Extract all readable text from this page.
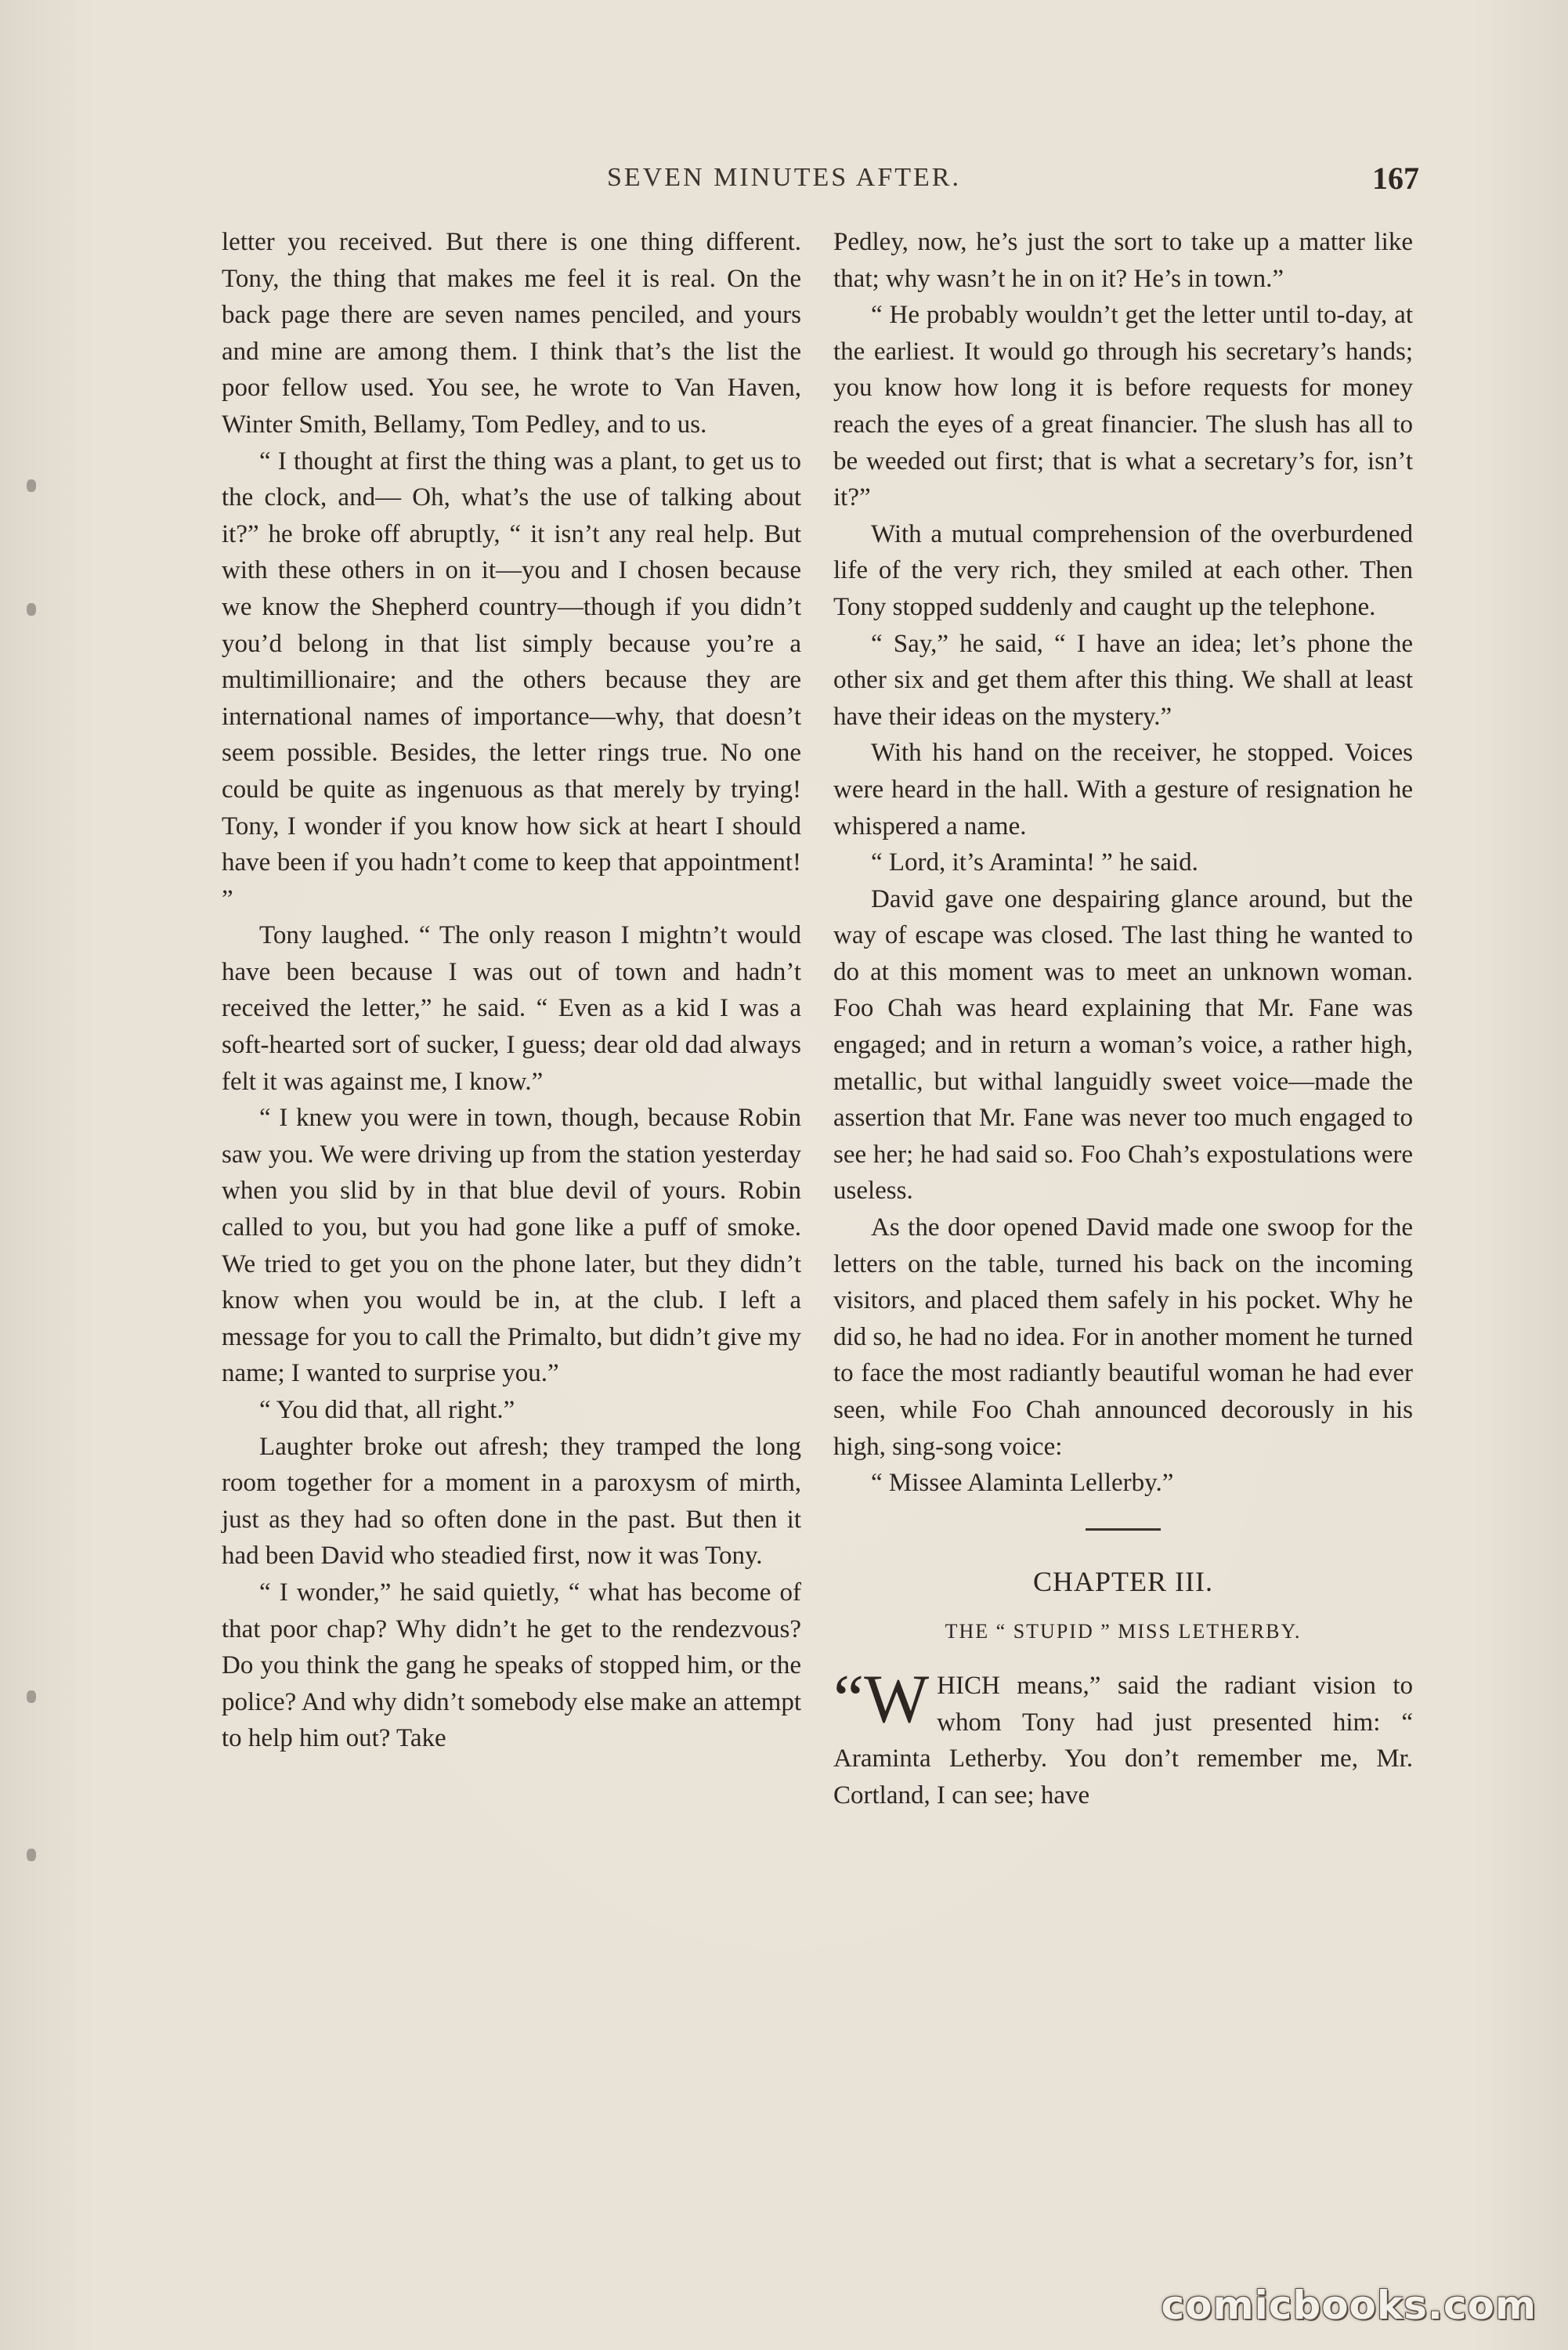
SEVEN MINUTES AFTER.	167

letter you received. But there is one thing different. Tony, the thing that makes me feel it is real. On the back page there are seven names penciled, and yours and mine are among them. I think that’s the list the poor fellow used. You see, he wrote to Van Haven, Winter Smith, Bellamy, Tom Pedley, and to us.

“ I thought at first the thing was a plant, to get us to the clock, and— Oh, what’s the use of talking about it?” he broke off abruptly, “ it isn’t any real help. But with these others in on it—you and I chosen because we know the Shepherd country—though if you didn’t you’d belong in that list simply because you’re a multimillionaire; and the others because they are international names of importance—why, that doesn’t seem possible. Besides, the letter rings true. No one could be quite as ingenuous as that merely by trying! Tony, I wonder if you know how sick at heart I should have been if you hadn’t come to keep that appointment! ”

Tony laughed. “ The only reason I mightn’t would have been because I was out of town and hadn’t received the letter,” he said. “ Even as a kid I was a soft-hearted sort of sucker, I guess; dear old dad always felt it was against me, I know.”

“ I knew you were in town, though, because Robin saw you. We were driving up from the station yesterday when you slid by in that blue devil of yours. Robin called to you, but you had gone like a puff of smoke. We tried to get you on the phone later, but they didn’t know when you would be in, at the club. I left a message for you to call the Primalto, but didn’t give my name; I wanted to surprise you.”

“ You did that, all right.”

Laughter broke out afresh; they tramped the long room together for a moment in a paroxysm of mirth, just as they had so often done in the past. But then it had been David who steadied first, now it was Tony.

“ I wonder,” he said quietly, “ what has become of that poor chap? Why didn’t he get to the rendezvous? Do you think the gang he speaks of stopped him, or the police? And why didn’t somebody else make an attempt to help him out? Take

Pedley, now, he’s just the sort to take up a matter like that; why wasn’t he in on it? He’s in town.”

“ He probably wouldn’t get the letter until to-day, at the earliest. It would go through his secretary’s hands; you know how long it is before requests for money reach the eyes of a great financier. The slush has all to be weeded out first; that is what a secretary’s for, isn’t it?”

With a mutual comprehension of the overburdened life of the very rich, they smiled at each other. Then Tony stopped suddenly and caught up the telephone.

“ Say,” he said, “ I have an idea; let’s phone the other six and get them after this thing. We shall at least have their ideas on the mystery.”

With his hand on the receiver, he stopped. Voices were heard in the hall. With a gesture of resignation he whispered a name.

“ Lord, it’s Araminta! ” he said.

David gave one despairing glance around, but the way of escape was closed. The last thing he wanted to do at this moment was to meet an unknown woman. Foo Chah was heard explaining that Mr. Fane was engaged; and in return a woman’s voice, a rather high, metallic, but withal languidly sweet voice—made the assertion that Mr. Fane was never too much engaged to see her; he had said so. Foo Chah’s expostulations were useless.

As the door opened David made one swoop for the letters on the table, turned his back on the incoming visitors, and placed them safely in his pocket. Why he did so, he had no idea. For in another moment he turned to face the most radiantly beautiful woman he had ever seen, while Foo Chah announced decorously in his high, sing-song voice:

“ Missee Alaminta Lellerby.”

CHAPTER III.
THE “ STUPID ” MISS LETHERBY.

“W HICH means,” said the radiant vision to whom Tony had just presented him: “ Araminta Letherby. You don’t remember me, Mr. Cortland, I can see; have

comicbooks.com
